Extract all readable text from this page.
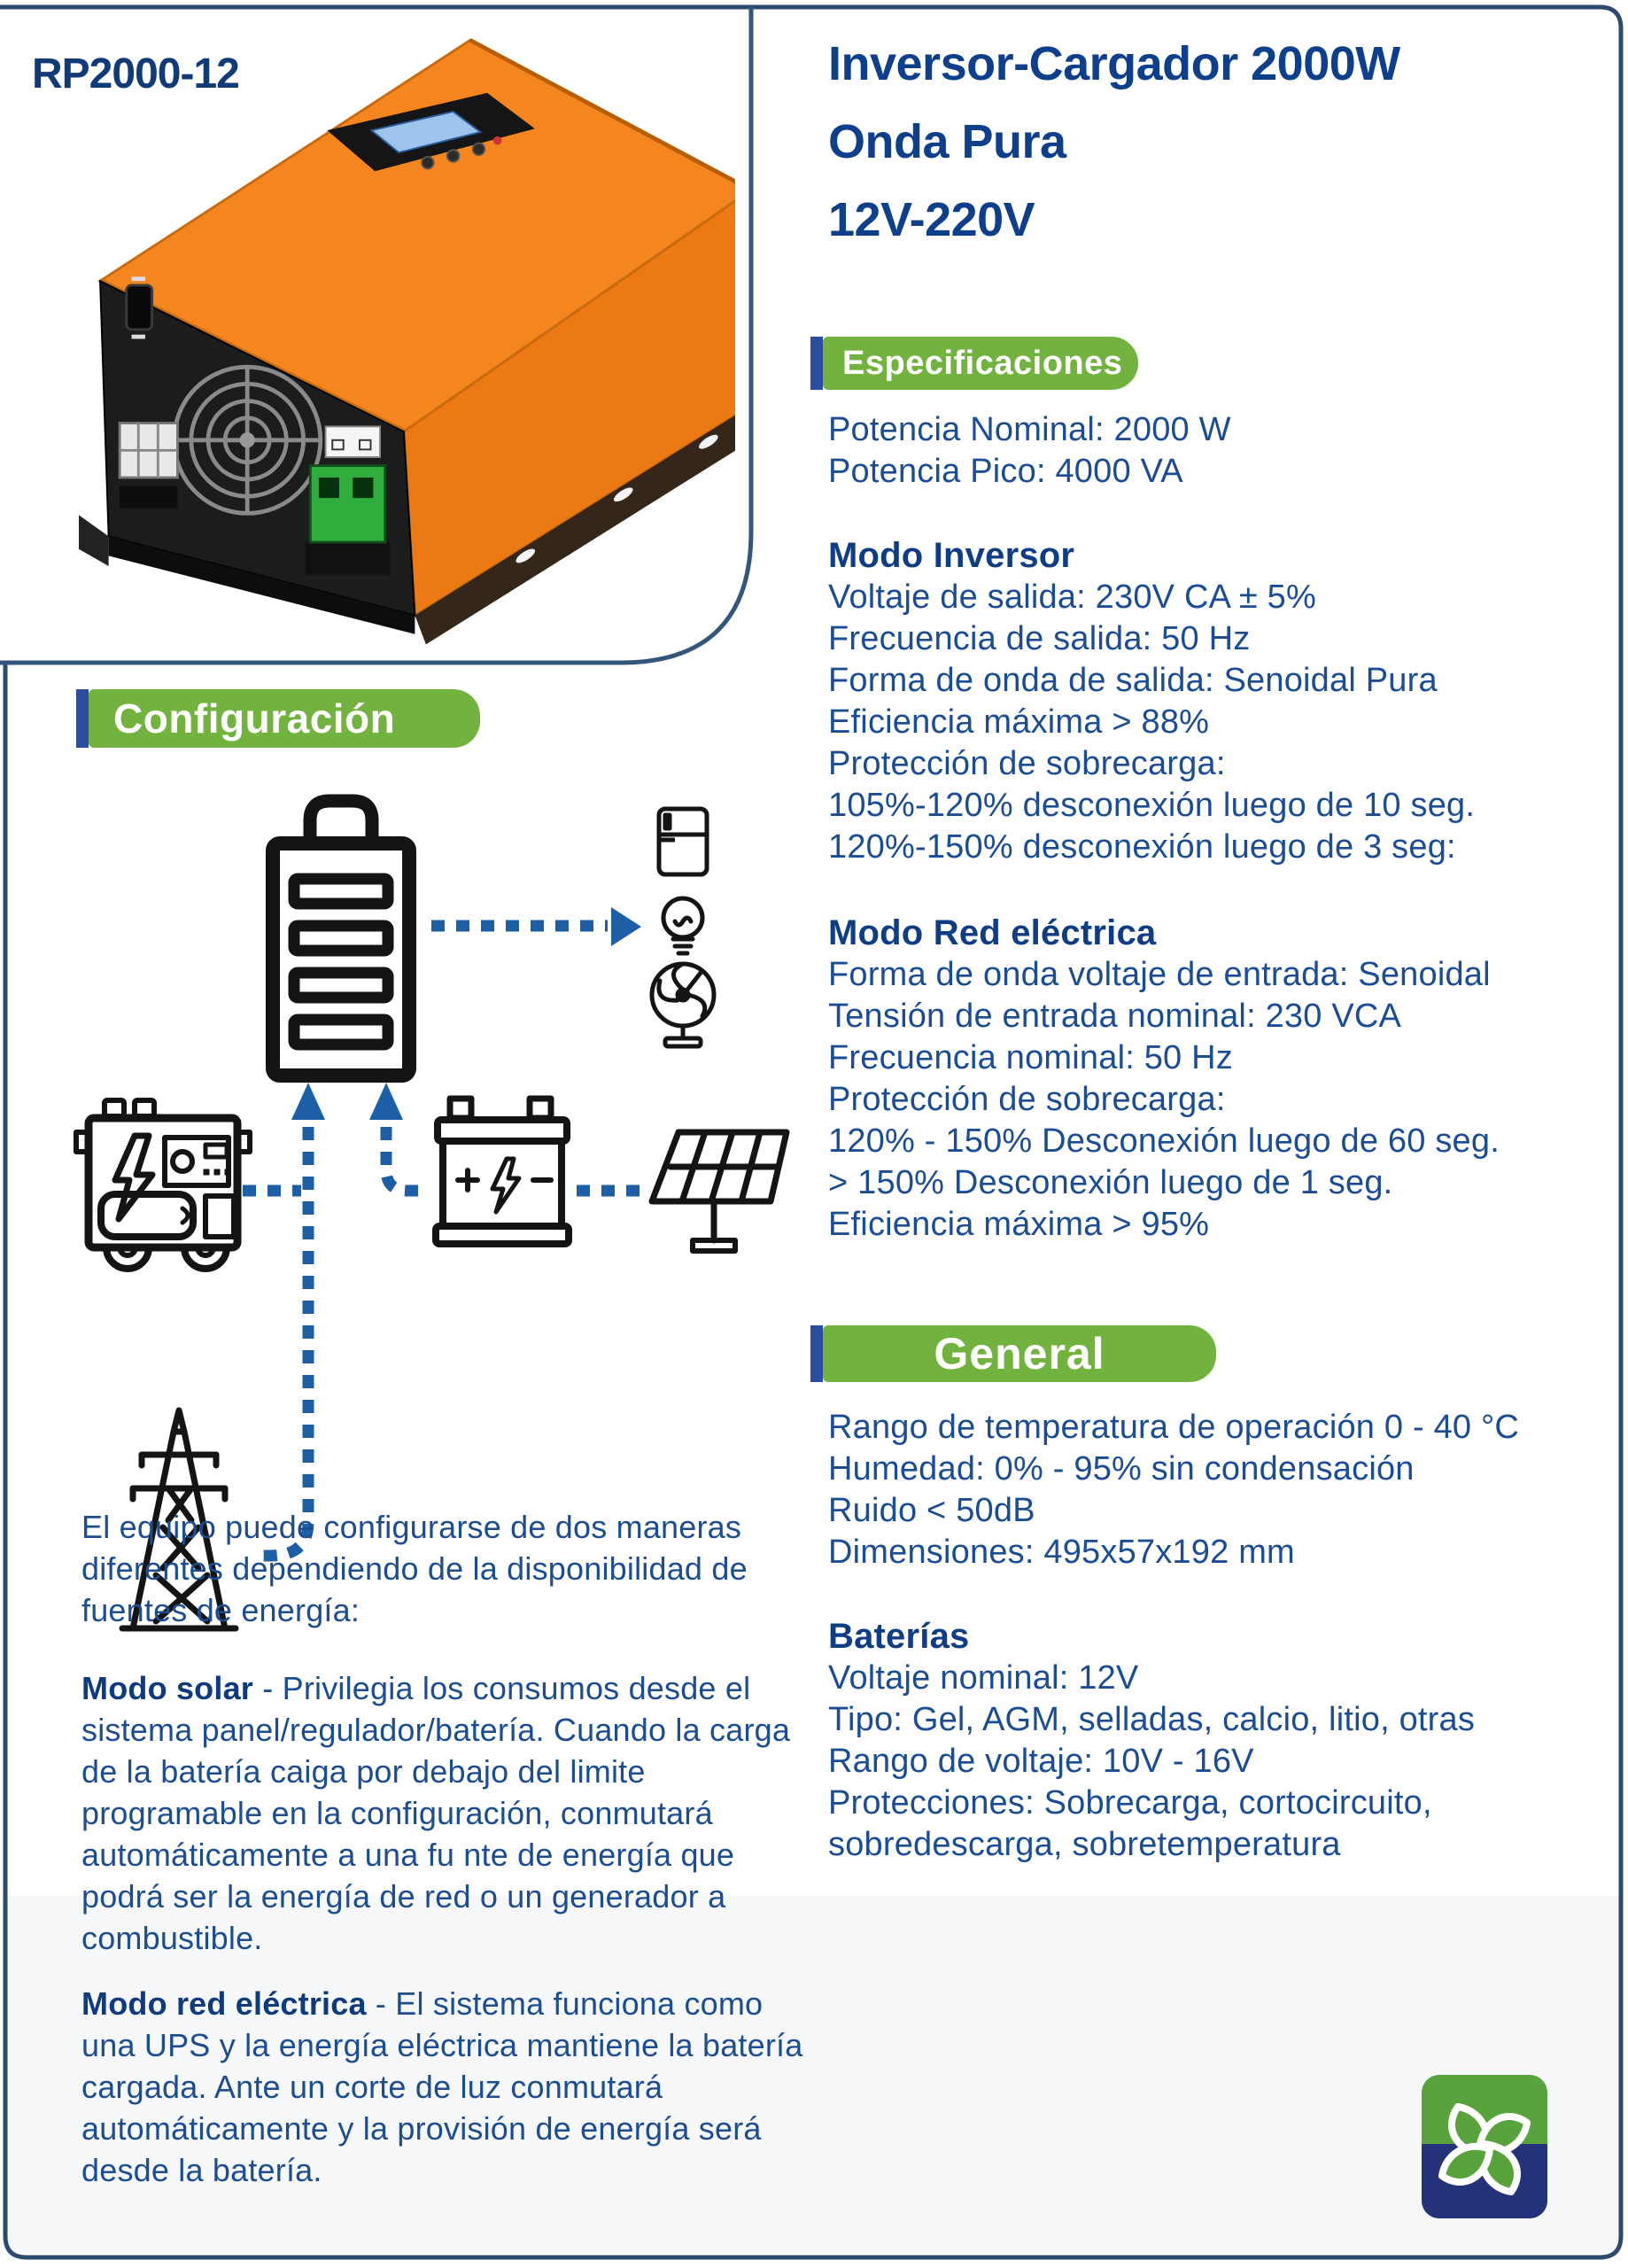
RP2000-12	Inversor-Cargador 2000W
Onda Pura
12V-220V
Especificaciones
Potencia Nominal: 2000 W
Potencia Pico: 4000 VA
Modo Inversor
Voltaje de salida: 230V CA ± 5%
Frecuencia de salida: 50 Hz
Forma de onda de salida: Senoidal Pura
Eficiencia máxima > 88%
Protección de sobrecarga:
105%-120% desconexión luego de 10 seg.
120%-150% desconexión luego de 3 seg:
Modo Red eléctrica
Forma de onda voltaje de entrada: Senoidal
Tensión de entrada nominal: 230 VCA
Frecuencia nominal: 50 Hz
Protección de sobrecarga:
120% - 150% Desconexión luego de 60 seg.
> 150% Desconexión luego de 1 seg.
Eficiencia máxima > 95%
General
Rango de temperatura de operación 0 - 40 °C
Humedad: 0% - 95% sin condensación
Ruido < 50dB
Dimensiones: 495x57x192 mm
Baterías
Voltaje nominal: 12V
Tipo: Gel, AGM, selladas, calcio, litio, otras
Rango de voltaje: 10V - 16V
Protecciones: Sobrecarga, cortocircuito,
sobredescarga, sobretemperatura
Configuración
El equipo puede configurarse de dos maneras diferentes dependiendo de la disponibilidad de fuentes de energía:
Modo solar - Privilegia los consumos desde el sistema panel/regulador/batería. Cuando la carga de la batería caiga por debajo del limite programable en la configuración, conmutará automáticamente a una fu nte de energía que podrá ser la energía de red o un generador a combustible.
Modo red eléctrica - El sistema funciona como una UPS y la energía eléctrica mantiene la batería cargada. Ante un corte de luz conmutará automáticamente y la provisión de energía será desde la batería.
